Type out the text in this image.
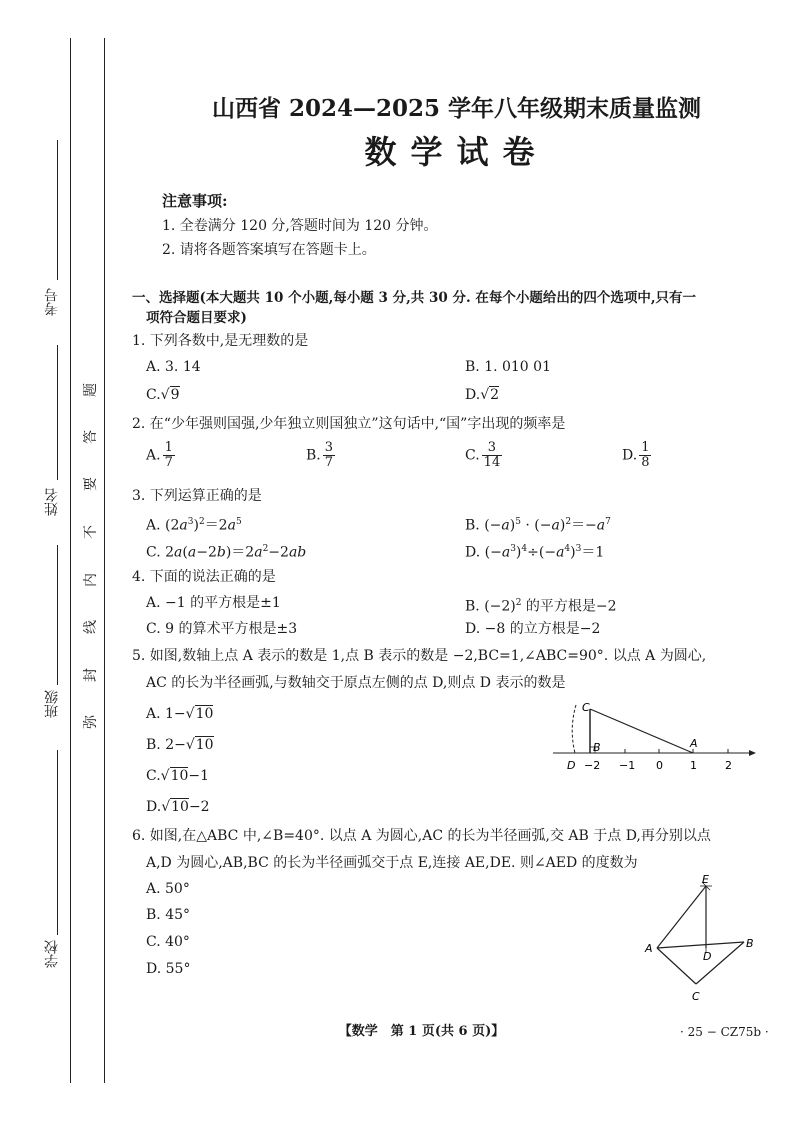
考号
姓名
班级
学校
弥
封
线
内
不
要
答
题
山西省 2024—2025 学年八年级期末质量监测
数学试卷
注意事项:
1. 全卷满分 120 分,答题时间为 120 分钟。
2. 请将各题答案填写在答题卡上。
一、选择题(本大题共 10 个小题,每小题 3 分,共 30 分. 在每个小题给出的四个选项中,只有一
项符合题目要求)
1. 下列各数中,是无理数的是
A. 3. 14	B. 1. 010 01
C.√9	D.√2
2. 在“少年强则国强,少年独立则国独立”这句话中,“国”字出现的频率是
A. $\frac{1}{7}$	B. $\frac{3}{7}$	C. $\frac{3}{14}$	D. $\frac{1}{8}$
3. 下列运算正确的是
A. $(2a^3)^2=2a^5$	B. $(-a)^5 \cdot (-a)^2=-a^7$
C. $2a(a-2b)=2a^2-2ab$	D. $(-a^3)^4\div(-a^4)^3=1$
4. 下面的说法正确的是
A. −1 的平方根是±1	B. $(-2)^2$ 的平方根是−2
C. 9 的算术平方根是±3	D. −8 的立方根是−2
5. 如图,数轴上点 A 表示的数是 1,点 B 表示的数是 −2,BC=1,∠ABC=90°. 以点 A 为圆心,
AC 的长为半径画弧,与数轴交于原点左侧的点 D,则点 D 表示的数是
A. 1−√10
B. 2−√10
C.√10−1
D.√10−2
C
B	A
D −2 −1 0 1	2
6. 如图,在△ABC 中,∠B=40°. 以点 A 为圆心,AC 的长为半径画弧,交 AB 于点 D,再分别以点
A,D 为圆心,AB,BC 的长为半径画弧交于点 E,连接 AE,DE. 则∠AED 的度数为
A. 50°
B. 45°
C. 40°
D. 55°
E
A	B
D
C
【数学　第 1 页(共 6 页)】	· 25 − CZ75b ·
